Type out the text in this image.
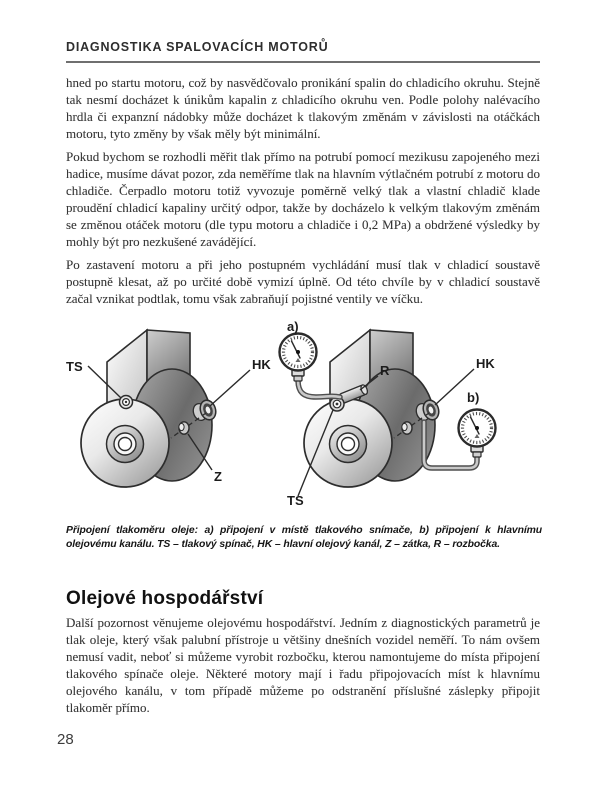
DIAGNOSTIKA SPALOVACÍCH MOTORŮ

hned po startu motoru, což by nasvědčovalo pronikání spalin do chladicího okruhu. Stejně tak nesmí docházet k únikům kapalin z chladicího okruhu ven. Podle polohy nalévacího hrdla či expanzní nádobky může docházet k tlakovým změnám v závislosti na otáčkách motoru, tyto změny by však měly být minimální.

Pokud bychom se rozhodli měřit tlak přímo na potrubí pomocí mezikusu zapojeného mezi hadice, musíme dávat pozor, zda neměříme tlak na hlavním výtlačném potrubí z motoru do chladiče. Čerpadlo motoru totiž vyvozuje poměrně velký tlak a vlastní chladič klade proudění chladicí kapaliny určitý odpor, takže by docházelo k velkým tlakovým změnám se změnou otáček motoru (dle typu motoru a chladiče i 0,2 MPa) a obdržené výsledky by mohly být pro nezkušené zavádějící.

Po zastavení motoru a při jeho postupném vychládání musí tlak v chladicí soustavě postupně klesat, až po určité době vymizí úplně. Od této chvíle by v chladicí soustavě začal vznikat podtlak, tomu však zabraňují pojistné ventily ve víčku.

TS	HK
Z
a)
R	HK
b)
TS
Připojení tlakoměru oleje: a) připojení v místě tlakového snímače, b) připojení k hlavnímu olejovému kanálu. TS – tlakový spínač, HK – hlavní olejový kanál, Z – zátka, R – rozbočka.
Olejové hospodářství

Další pozornost věnujeme olejovému hospodářství. Jedním z diagnostických parametrů je tlak oleje, který však palubní přístroje u většiny dnešních vozidel neměří. To nám ovšem nemusí vadit, neboť si můžeme vyrobit rozbočku, kterou namontujeme do místa připojení tlakového spínače oleje. Některé motory mají i řadu připojovacích míst k hlavnímu olejového kanálu, v tom případě můžeme po odstranění příslušné záslepky připojit tlakoměr přímo.

28
